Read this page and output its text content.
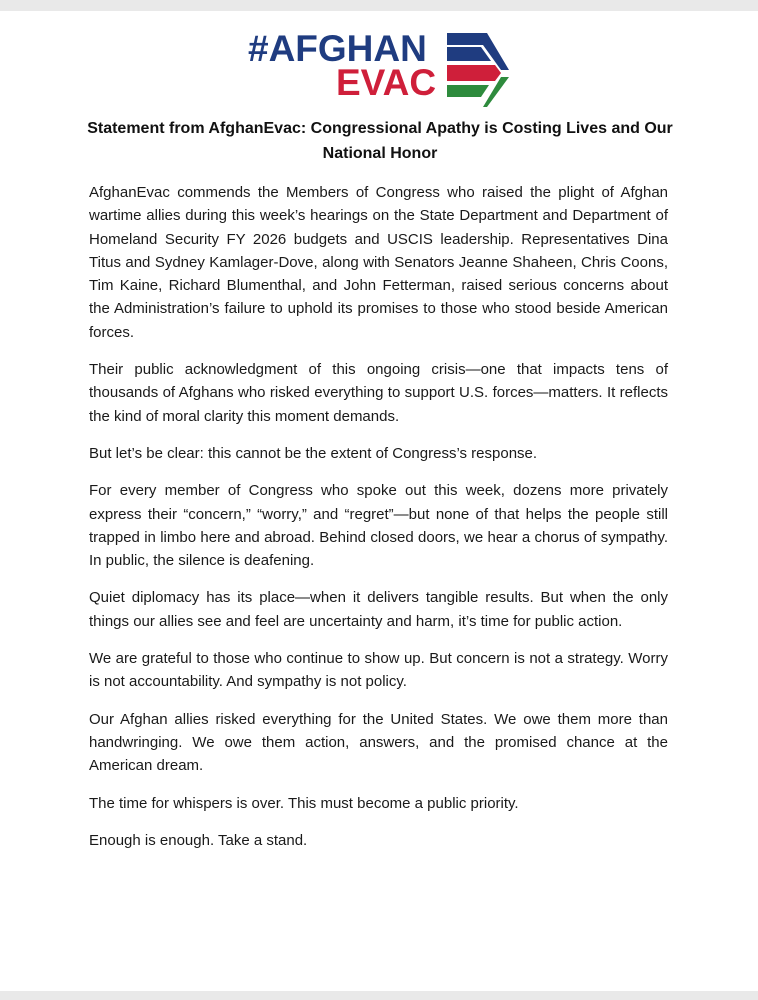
#AFGHAN
EVAC
Statement from AfghanEvac: Congressional Apathy is Costing Lives and Our National Honor

AfghanEvac commends the Members of Congress who raised the plight of Afghan wartime allies during this week’s hearings on the State Department and Department of Homeland Security FY 2026 budgets and USCIS leadership. Representatives Dina Titus and Sydney Kamlager-Dove, along with Senators Jeanne Shaheen, Chris Coons, Tim Kaine, Richard Blumenthal, and John Fetterman, raised serious concerns about the Administration’s failure to uphold its promises to those who stood beside American forces.

Their public acknowledgment of this ongoing crisis—one that impacts tens of thousands of Afghans who risked everything to support U.S. forces—matters. It reflects the kind of moral clarity this moment demands.

But let’s be clear: this cannot be the extent of Congress’s response.

For every member of Congress who spoke out this week, dozens more privately express their “concern,” “worry,” and “regret”—but none of that helps the people still trapped in limbo here and abroad. Behind closed doors, we hear a chorus of sympathy. In public, the silence is deafening.

Quiet diplomacy has its place—when it delivers tangible results. But when the only things our allies see and feel are uncertainty and harm, it’s time for public action.

We are grateful to those who continue to show up. But concern is not a strategy. Worry is not accountability. And sympathy is not policy.

Our Afghan allies risked everything for the United States. We owe them more than handwringing. We owe them action, answers, and the promised chance at the American dream.

The time for whispers is over. This must become a public priority.

Enough is enough. Take a stand.
